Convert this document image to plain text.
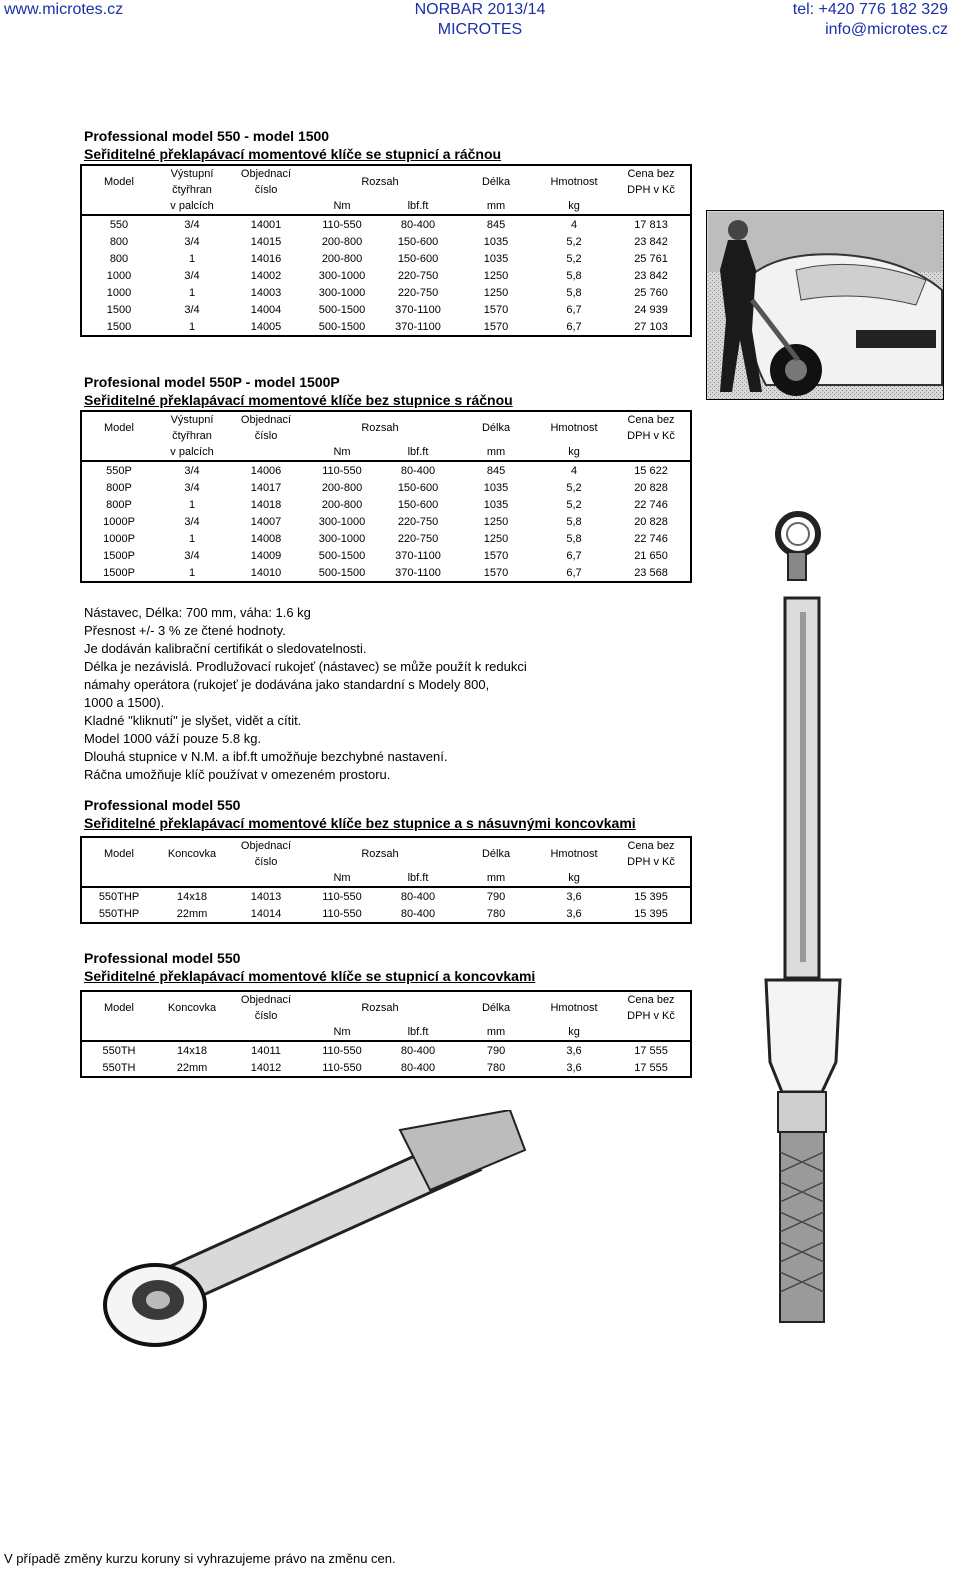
www.microtes.cz	NORBAR 2013/14
MICROTES
tel: +420 776 182 329
info@microtes.cz
Professional model 550 - model 1500
Seřiditelné překlapávací momentové klíče se stupnicí a ráčnou
Model	Výstupní	Objednací	Rozsah		Délka	Hmotnost	Cena bez
	čtyřhran	číslo					DPH v Kč
	v palcích		Nm	lbf.ft	mm	kg	
550	3/4	14001	110-550	80-400	845	4	17 813
800	3/4	14015	200-800	150-600	1035	5,2	23 842
800	1	14016	200-800	150-600	1035	5,2	25 761
1000	3/4	14002	300-1000	220-750	1250	5,8	23 842
1000	1	14003	300-1000	220-750	1250	5,8	25 760
1500	3/4	14004	500-1500	370-1100	1570	6,7	24 939
1500	1	14005	500-1500	370-1100	1570	6,7	27 103
Profesional model 550P - model 1500P
Seřiditelné překlapávací momentové klíče bez stupnice s ráčnou
Model	Výstupní	Objednací	Rozsah		Délka	Hmotnost	Cena bez
	čtyřhran	číslo					DPH v Kč
	v palcích		Nm	lbf.ft	mm	kg	
550P	3/4	14006	110-550	80-400	845	4	15 622
800P	3/4	14017	200-800	150-600	1035	5,2	20 828
800P	1	14018	200-800	150-600	1035	5,2	22 746
1000P	3/4	14007	300-1000	220-750	1250	5,8	20 828
1000P	1	14008	300-1000	220-750	1250	5,8	22 746
1500P	3/4	14009	500-1500	370-1100	1570	6,7	21 650
1500P	1	14010	500-1500	370-1100	1570	6,7	23 568
Nástavec, Délka: 700 mm, váha: 1.6 kg
Přesnost +/- 3 % ze čtené hodnoty.
Je dodáván kalibrační certifikát o sledovatelnosti.
Délka je nezávislá. Prodlužovací rukojeť (nástavec) se může použít k redukci
námahy operátora (rukojeť je dodávána jako standardní s Modely 800,
1000 a 1500).
Kladné "kliknutí" je slyšet, vidět a cítit.
Model 1000 váží pouze 5.8 kg.
Dlouhá stupnice v N.M. a ibf.ft umožňuje bezchybné nastavení.
Ráčna umožňuje klíč používat v omezeném prostoru.
Professional model 550
Seřiditelné překlapávací momentové klíče bez stupnice a s násuvnými koncovkami
Model	Koncovka	Objednací	Rozsah		Délka	Hmotnost	Cena bez
		číslo					DPH v Kč
			Nm	lbf.ft	mm	kg	
550THP	14x18	14013	110-550	80-400	790	3,6	15 395
550THP	22mm	14014	110-550	80-400	780	3,6	15 395
Professional model 550
Seřiditelné překlapávací momentové klíče se stupnicí a koncovkami
Model	Koncovka	Objednací	Rozsah		Délka	Hmotnost	Cena bez
		číslo					DPH v Kč
			Nm	lbf.ft	mm	kg	
550TH	14x18	14011	110-550	80-400	790	3,6	17 555
550TH	22mm	14012	110-550	80-400	780	3,6	17 555
V případě změny kurzu koruny si vyhrazujeme právo na změnu cen.
